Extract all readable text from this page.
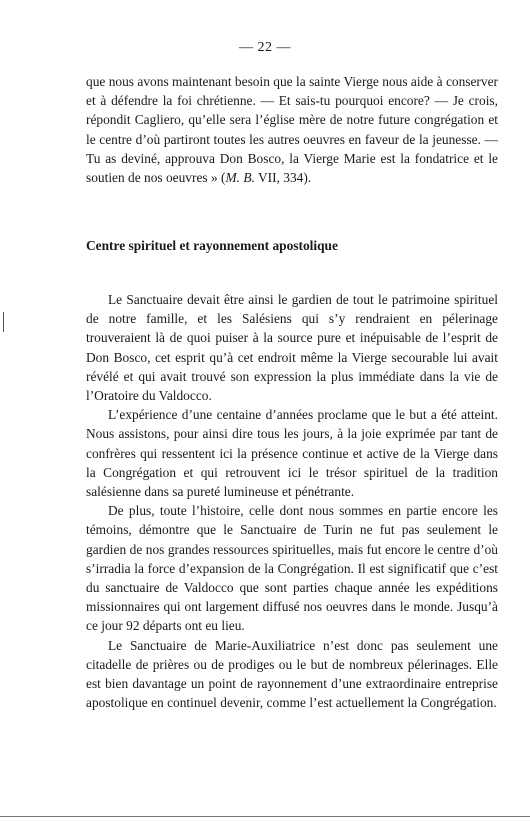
— 22 —

que nous avons maintenant besoin que la sainte Vierge nous aide à conserver et à défendre la foi chrétienne. — Et sais-tu pourquoi encore? — Je crois, répondit Cagliero, qu’elle sera l’église mère de notre future congrégation et le centre d’où partiront toutes les autres oeuvres en faveur de la jeunesse. — Tu as deviné, approuva Don Bosco, la Vierge Marie est la fondatrice et le soutien de nos oeuvres » (M. B. VII, 334).

Centre spirituel et rayonnement apostolique

Le Sanctuaire devait être ainsi le gardien de tout le patrimoine spirituel de notre famille, et les Salésiens qui s’y rendraient en pélerinage trouveraient là de quoi puiser à la source pure et inépuisable de l’esprit de Don Bosco, cet esprit qu’à cet endroit même la Vierge secourable lui avait révélé et qui avait trouvé son expression la plus immédiate dans la vie de l’Oratoire du Valdocco.

L’expérience d’une centaine d’années proclame que le but a été atteint. Nous assistons, pour ainsi dire tous les jours, à la joie exprimée par tant de confrères qui ressentent ici la présence continue et active de la Vierge dans la Congrégation et qui retrouvent ici le trésor spirituel de la tradition salésienne dans sa pureté lumineuse et pénétrante.

De plus, toute l’histoire, celle dont nous sommes en partie encore les témoins, démontre que le Sanctuaire de Turin ne fut pas seulement le gardien de nos grandes ressources spirituelles, mais fut encore le centre d’où s’irradia la force d’expansion de la Congrégation. Il est significatif que c’est du sanctuaire de Valdocco que sont parties chaque année les expéditions missionnaires qui ont largement diffusé nos oeuvres dans le monde. Jusqu’à ce jour 92 départs ont eu lieu.

Le Sanctuaire de Marie-Auxiliatrice n’est donc pas seulement une citadelle de prières ou de prodiges ou le but de nombreux pélerinages. Elle est bien davantage un point de rayonnement d’une extraordinaire entreprise apostolique en continuel devenir, comme l’est actuellement la Congrégation.
